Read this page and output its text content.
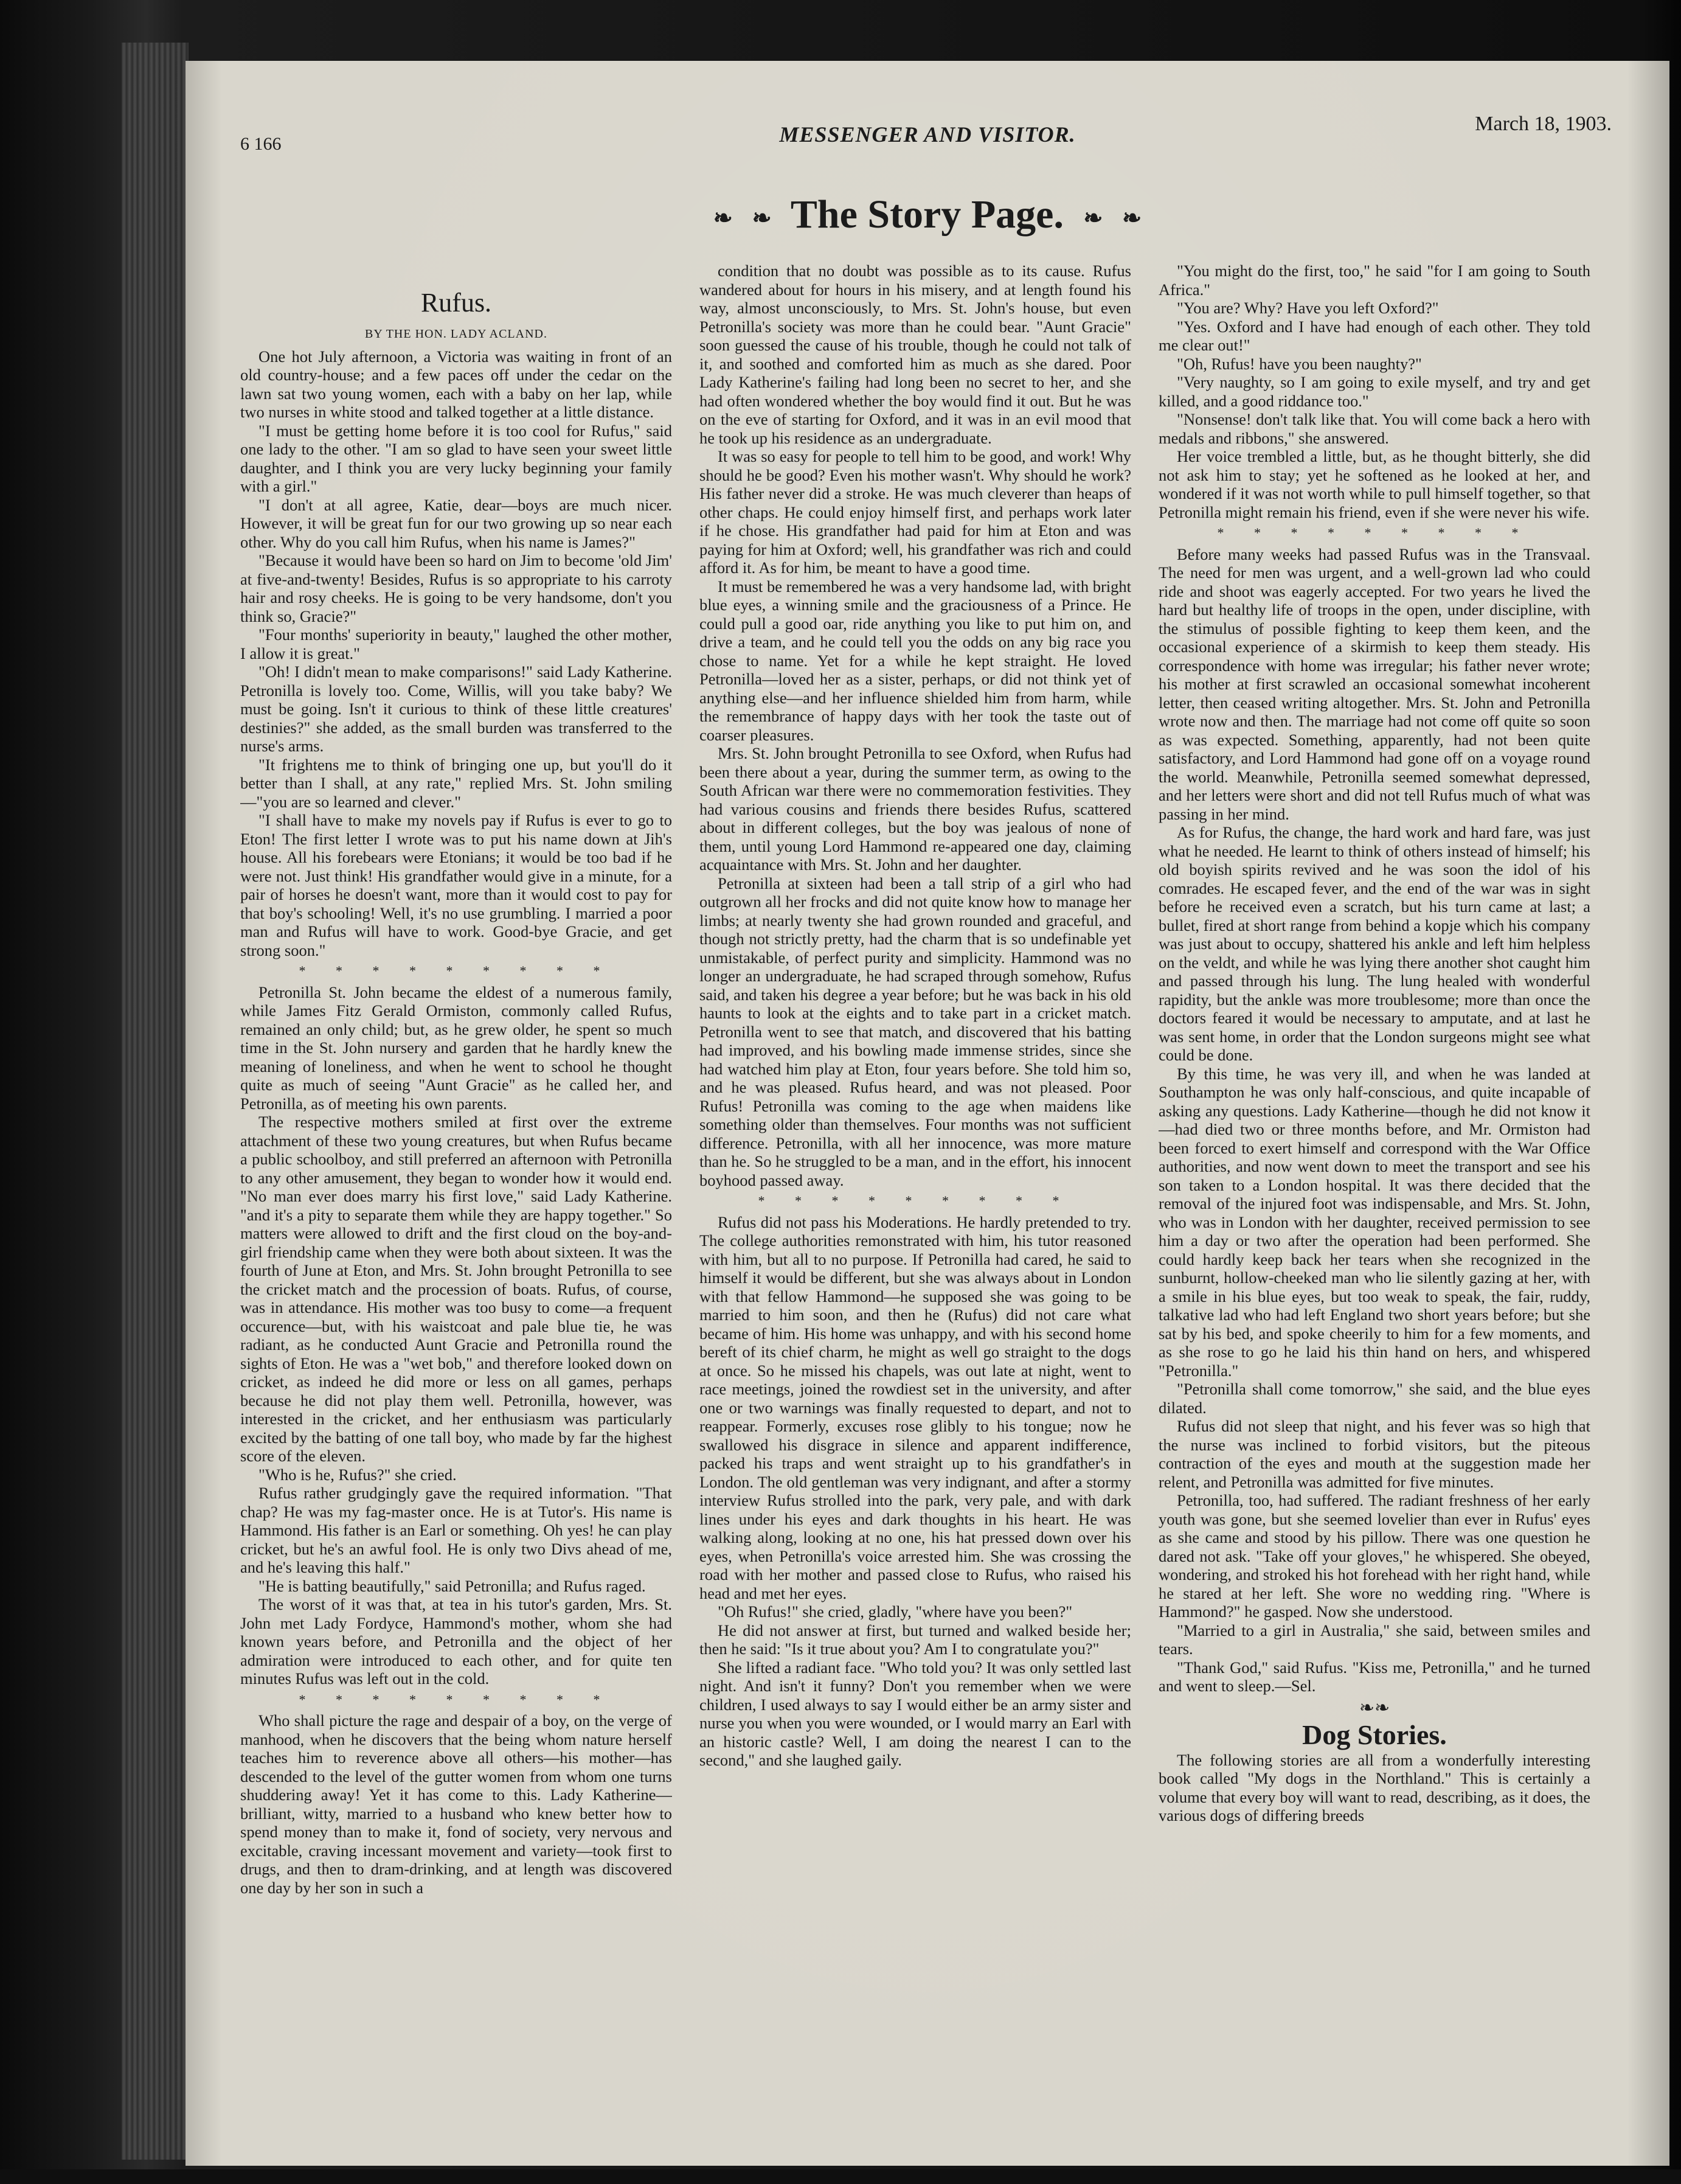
6 166	MESSENGER AND VISITOR.	March 18, 1903.
❧ ❧ The Story Page. ❧ ❧
Rufus.
BY THE HON. LADY ACLAND.

One hot July afternoon, a Victoria was waiting in front of an old country-house; and a few paces off under the cedar on the lawn sat two young women, each with a baby on her lap, while two nurses in white stood and talked together at a little distance.

"I must be getting home before it is too cool for Rufus," said one lady to the other. "I am so glad to have seen your sweet little daughter, and I think you are very lucky beginning your family with a girl."

"I don't at all agree, Katie, dear—boys are much nicer. However, it will be great fun for our two growing up so near each other. Why do you call him Rufus, when his name is James?"

"Because it would have been so hard on Jim to become 'old Jim' at five-and-twenty! Besides, Rufus is so appropriate to his carroty hair and rosy cheeks. He is going to be very handsome, don't you think so, Gracie?"

"Four months' superiority in beauty," laughed the other mother, I allow it is great."

"Oh! I didn't mean to make comparisons!" said Lady Katherine. Petronilla is lovely too. Come, Willis, will you take baby? We must be going. Isn't it curious to think of these little creatures' destinies?" she added, as the small burden was transferred to the nurse's arms.

"It frightens me to think of bringing one up, but you'll do it better than I shall, at any rate," replied Mrs. St. John smiling—"you are so learned and clever."

"I shall have to make my novels pay if Rufus is ever to go to Eton! The first letter I wrote was to put his name down at Jih's house. All his forebears were Etonians; it would be too bad if he were not. Just think! His grandfather would give in a minute, for a pair of horses he doesn't want, more than it would cost to pay for that boy's schooling! Well, it's no use grumbling. I married a poor man and Rufus will have to work. Good-bye Gracie, and get strong soon."

* * * * * * * * *

Petronilla St. John became the eldest of a numerous family, while James Fitz Gerald Ormiston, commonly called Rufus, remained an only child; but, as he grew older, he spent so much time in the St. John nursery and garden that he hardly knew the meaning of loneliness, and when he went to school he thought quite as much of seeing "Aunt Gracie" as he called her, and Petronilla, as of meeting his own parents.

The respective mothers smiled at first over the extreme attachment of these two young creatures, but when Rufus became a public schoolboy, and still preferred an afternoon with Petronilla to any other amusement, they began to wonder how it would end. "No man ever does marry his first love," said Lady Katherine. "and it's a pity to separate them while they are happy together." So matters were allowed to drift and the first cloud on the boy-and-girl friendship came when they were both about sixteen. It was the fourth of June at Eton, and Mrs. St. John brought Petronilla to see the cricket match and the procession of boats. Rufus, of course, was in attendance. His mother was too busy to come—a frequent occurence—but, with his waistcoat and pale blue tie, he was radiant, as he conducted Aunt Gracie and Petronilla round the sights of Eton. He was a "wet bob," and therefore looked down on cricket, as indeed he did more or less on all games, perhaps because he did not play them well. Petronilla, however, was interested in the cricket, and her enthusiasm was particularly excited by the batting of one tall boy, who made by far the highest score of the eleven.

"Who is he, Rufus?" she cried.

Rufus rather grudgingly gave the required information. "That chap? He was my fag-master once. He is at Tutor's. His name is Hammond. His father is an Earl or something. Oh yes! he can play cricket, but he's an awful fool. He is only two Divs ahead of me, and he's leaving this half."

"He is batting beautifully," said Petronilla; and Rufus raged.

The worst of it was that, at tea in his tutor's garden, Mrs. St. John met Lady Fordyce, Hammond's mother, whom she had known years before, and Petronilla and the object of her admiration were introduced to each other, and for quite ten minutes Rufus was left out in the cold.

* * * * * * * * *

Who shall picture the rage and despair of a boy, on the verge of manhood, when he discovers that the being whom nature herself teaches him to reverence above all others—his mother—has descended to the level of the gutter women from whom one turns shuddering away! Yet it has come to this. Lady Katherine—brilliant, witty, married to a husband who knew better how to spend money than to make it, fond of society, very nervous and excitable, craving incessant movement and variety—took first to drugs, and then to dram-drinking, and at length was discovered one day by her son in such a

condition that no doubt was possible as to its cause. Rufus wandered about for hours in his misery, and at length found his way, almost unconsciously, to Mrs. St. John's house, but even Petronilla's society was more than he could bear. "Aunt Gracie" soon guessed the cause of his trouble, though he could not talk of it, and soothed and comforted him as much as she dared. Poor Lady Katherine's failing had long been no secret to her, and she had often wondered whether the boy would find it out. But he was on the eve of starting for Oxford, and it was in an evil mood that he took up his residence as an undergraduate.

It was so easy for people to tell him to be good, and work! Why should he be good? Even his mother wasn't. Why should he work? His father never did a stroke. He was much cleverer than heaps of other chaps. He could enjoy himself first, and perhaps work later if he chose. His grandfather had paid for him at Eton and was paying for him at Oxford; well, his grandfather was rich and could afford it. As for him, be meant to have a good time.

It must be remembered he was a very handsome lad, with bright blue eyes, a winning smile and the graciousness of a Prince. He could pull a good oar, ride anything you like to put him on, and drive a team, and he could tell you the odds on any big race you chose to name. Yet for a while he kept straight. He loved Petronilla—loved her as a sister, perhaps, or did not think yet of anything else—and her influence shielded him from harm, while the remembrance of happy days with her took the taste out of coarser pleasures.

Mrs. St. John brought Petronilla to see Oxford, when Rufus had been there about a year, during the summer term, as owing to the South African war there were no commemoration festivities. They had various cousins and friends there besides Rufus, scattered about in different colleges, but the boy was jealous of none of them, until young Lord Hammond re-appeared one day, claiming acquaintance with Mrs. St. John and her daughter.

Petronilla at sixteen had been a tall strip of a girl who had outgrown all her frocks and did not quite know how to manage her limbs; at nearly twenty she had grown rounded and graceful, and though not strictly pretty, had the charm that is so undefinable yet unmistakable, of perfect purity and simplicity. Hammond was no longer an undergraduate, he had scraped through somehow, Rufus said, and taken his degree a year before; but he was back in his old haunts to look at the eights and to take part in a cricket match. Petronilla went to see that match, and discovered that his batting had improved, and his bowling made immense strides, since she had watched him play at Eton, four years before. She told him so, and he was pleased. Rufus heard, and was not pleased. Poor Rufus! Petronilla was coming to the age when maidens like something older than themselves. Four months was not sufficient difference. Petronilla, with all her innocence, was more mature than he. So he struggled to be a man, and in the effort, his innocent boyhood passed away.

* * * * * * * * *

Rufus did not pass his Moderations. He hardly pretended to try. The college authorities remonstrated with him, his tutor reasoned with him, but all to no purpose. If Petronilla had cared, he said to himself it would be different, but she was always about in London with that fellow Hammond—he supposed she was going to be married to him soon, and then he (Rufus) did not care what became of him. His home was unhappy, and with his second home bereft of its chief charm, he might as well go straight to the dogs at once. So he missed his chapels, was out late at night, went to race meetings, joined the rowdiest set in the university, and after one or two warnings was finally requested to depart, and not to reappear. Formerly, excuses rose glibly to his tongue; now he swallowed his disgrace in silence and apparent indifference, packed his traps and went straight up to his grandfather's in London. The old gentleman was very indignant, and after a stormy interview Rufus strolled into the park, very pale, and with dark lines under his eyes and dark thoughts in his heart. He was walking along, looking at no one, his hat pressed down over his eyes, when Petronilla's voice arrested him. She was crossing the road with her mother and passed close to Rufus, who raised his head and met her eyes.

"Oh Rufus!" she cried, gladly, "where have you been?"

He did not answer at first, but turned and walked beside her; then he said: "Is it true about you? Am I to congratulate you?"

She lifted a radiant face. "Who told you? It was only settled last night. And isn't it funny? Don't you remember when we were children, I used always to say I would either be an army sister and nurse you when you were wounded, or I would marry an Earl with an historic castle? Well, I am doing the nearest I can to the second," and she laughed gaily.

"You might do the first, too," he said "for I am going to South Africa."

"You are? Why? Have you left Oxford?"

"Yes. Oxford and I have had enough of each other. They told me clear out!"

"Oh, Rufus! have you been naughty?"

"Very naughty, so I am going to exile myself, and try and get killed, and a good riddance too."

"Nonsense! don't talk like that. You will come back a hero with medals and ribbons," she answered.

Her voice trembled a little, but, as he thought bitterly, she did not ask him to stay; yet he softened as he looked at her, and wondered if it was not worth while to pull himself together, so that Petronilla might remain his friend, even if she were never his wife.

* * * * * * * * *

Before many weeks had passed Rufus was in the Transvaal. The need for men was urgent, and a well-grown lad who could ride and shoot was eagerly accepted. For two years he lived the hard but healthy life of troops in the open, under discipline, with the stimulus of possible fighting to keep them keen, and the occasional experience of a skirmish to keep them steady. His correspondence with home was irregular; his father never wrote; his mother at first scrawled an occasional somewhat incoherent letter, then ceased writing altogether. Mrs. St. John and Petronilla wrote now and then. The marriage had not come off quite so soon as was expected. Something, apparently, had not been quite satisfactory, and Lord Hammond had gone off on a voyage round the world. Meanwhile, Petronilla seemed somewhat depressed, and her letters were short and did not tell Rufus much of what was passing in her mind.

As for Rufus, the change, the hard work and hard fare, was just what he needed. He learnt to think of others instead of himself; his old boyish spirits revived and he was soon the idol of his comrades. He escaped fever, and the end of the war was in sight before he received even a scratch, but his turn came at last; a bullet, fired at short range from behind a kopje which his company was just about to occupy, shattered his ankle and left him helpless on the veldt, and while he was lying there another shot caught him and passed through his lung. The lung healed with wonderful rapidity, but the ankle was more troublesome; more than once the doctors feared it would be necessary to amputate, and at last he was sent home, in order that the London surgeons might see what could be done.

By this time, he was very ill, and when he was landed at Southampton he was only half-conscious, and quite incapable of asking any questions. Lady Katherine—though he did not know it—had died two or three months before, and Mr. Ormiston had been forced to exert himself and correspond with the War Office authorities, and now went down to meet the transport and see his son taken to a London hospital. It was there decided that the removal of the injured foot was indispensable, and Mrs. St. John, who was in London with her daughter, received permission to see him a day or two after the operation had been performed. She could hardly keep back her tears when she recognized in the sunburnt, hollow-cheeked man who lie silently gazing at her, with a smile in his blue eyes, but too weak to speak, the fair, ruddy, talkative lad who had left England two short years before; but she sat by his bed, and spoke cheerily to him for a few moments, and as she rose to go he laid his thin hand on hers, and whispered "Petronilla."

"Petronilla shall come tomorrow," she said, and the blue eyes dilated.

Rufus did not sleep that night, and his fever was so high that the nurse was inclined to forbid visitors, but the piteous contraction of the eyes and mouth at the suggestion made her relent, and Petronilla was admitted for five minutes.

Petronilla, too, had suffered. The radiant freshness of her early youth was gone, but she seemed lovelier than ever in Rufus' eyes as she came and stood by his pillow. There was one question he dared not ask. "Take off your gloves," he whispered. She obeyed, wondering, and stroked his hot forehead with her right hand, while he stared at her left. She wore no wedding ring. "Where is Hammond?" he gasped. Now she understood.

"Married to a girl in Australia," she said, between smiles and tears.

"Thank God," said Rufus. "Kiss me, Petronilla," and he turned and went to sleep.—Sel.

❧❧
Dog Stories.

The following stories are all from a wonderfully interesting book called "My dogs in the Northland." This is certainly a volume that every boy will want to read, describing, as it does, the various dogs of differing breeds
